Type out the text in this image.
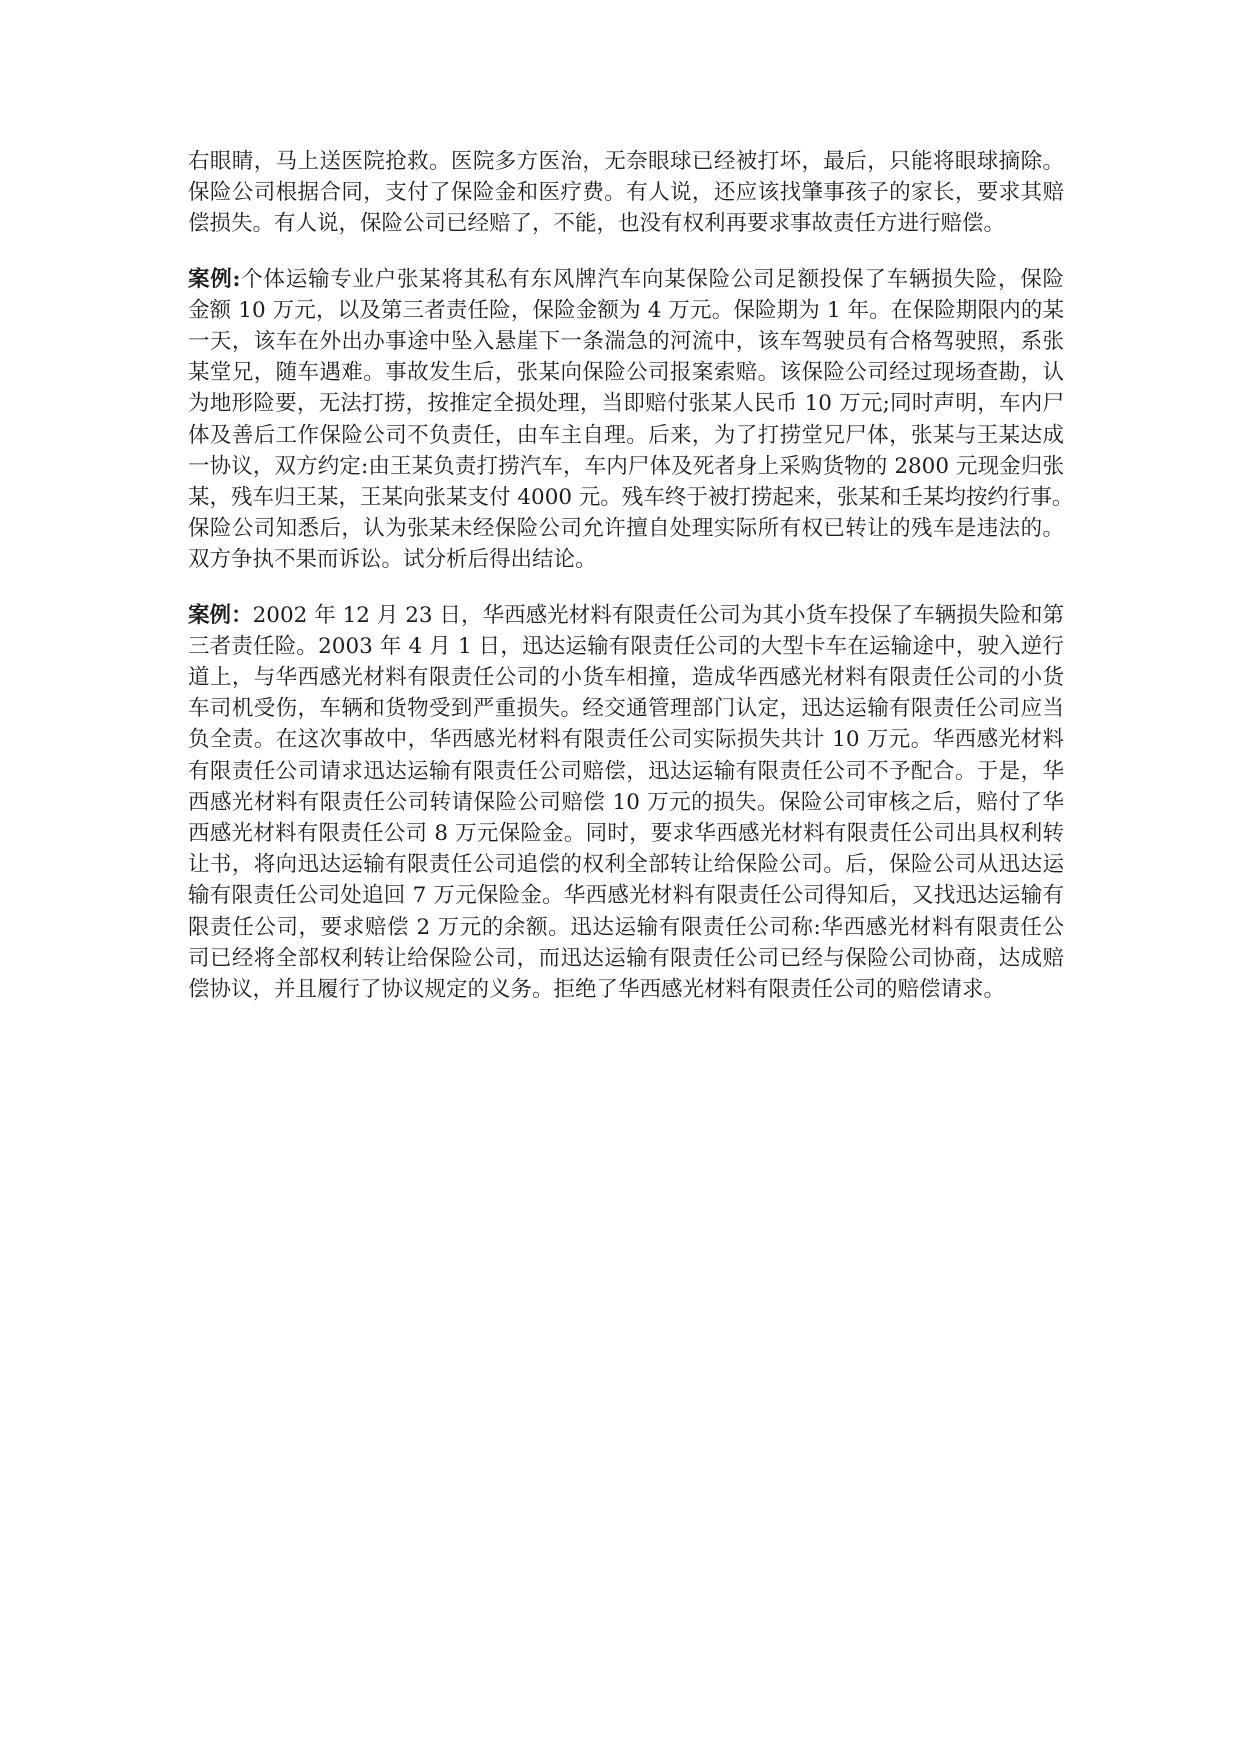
右眼睛，马上送医院抢救。医院多方医治，无奈眼球已经被打坏，最后，只能将眼球摘除。
保险公司根据合同，支付了保险金和医疗费。有人说，还应该找肇事孩子的家长，要求其赔
偿损失。有人说，保险公司已经赔了，不能，也没有权利再要求事故责任方进行赔偿。
案例:个体运输专业户张某将其私有东风牌汽车向某保险公司足额投保了车辆损失险，保险
金额 10 万元，以及第三者责任险，保险金额为 4 万元。保险期为 1 年。在保险期限内的某
一天，该车在外出办事途中坠入悬崖下一条湍急的河流中，该车驾驶员有合格驾驶照，系张
某堂兄，随车遇难。事故发生后，张某向保险公司报案索赔。该保险公司经过现场查勘，认
为地形险要，无法打捞，按推定全损处理，当即赔付张某人民币 10 万元;同时声明，车内尸
体及善后工作保险公司不负责任，由车主自理。后来，为了打捞堂兄尸体，张某与王某达成
一协议，双方约定:由王某负责打捞汽车，车内尸体及死者身上采购货物的 2800 元现金归张
某，残车归王某，王某向张某支付 4000 元。残车终于被打捞起来，张某和壬某均按约行事。
保险公司知悉后，认为张某未经保险公司允许擅自处理实际所有权已转让的残车是违法的。
双方争执不果而诉讼。试分析后得出结论。
案例：2002 年 12 月 23 日，华西感光材料有限责任公司为其小货车投保了车辆损失险和第
三者责任险。2003 年 4 月 1 日，迅达运输有限责任公司的大型卡车在运输途中，驶入逆行
道上，与华西感光材料有限责任公司的小货车相撞，造成华西感光材料有限责任公司的小货
车司机受伤，车辆和货物受到严重损失。经交通管理部门认定，迅达运输有限责任公司应当
负全责。在这次事故中，华西感光材料有限责任公司实际损失共计 10 万元。华西感光材料
有限责任公司请求迅达运输有限责任公司赔偿，迅达运输有限责任公司不予配合。于是，华
西感光材料有限责任公司转请保险公司赔偿 10 万元的损失。保险公司审核之后，赔付了华
西感光材料有限责任公司 8 万元保险金。同时，要求华西感光材料有限责任公司出具权利转
让书，将向迅达运输有限责任公司追偿的权利全部转让给保险公司。后，保险公司从迅达运
输有限责任公司处追回 7 万元保险金。华西感光材料有限责任公司得知后，又找迅达运输有
限责任公司，要求赔偿 2 万元的余额。迅达运输有限责任公司称:华西感光材料有限责任公
司已经将全部权利转让给保险公司，而迅达运输有限责任公司已经与保险公司协商，达成赔
偿协议，并且履行了协议规定的义务。拒绝了华西感光材料有限责任公司的赔偿请求。
